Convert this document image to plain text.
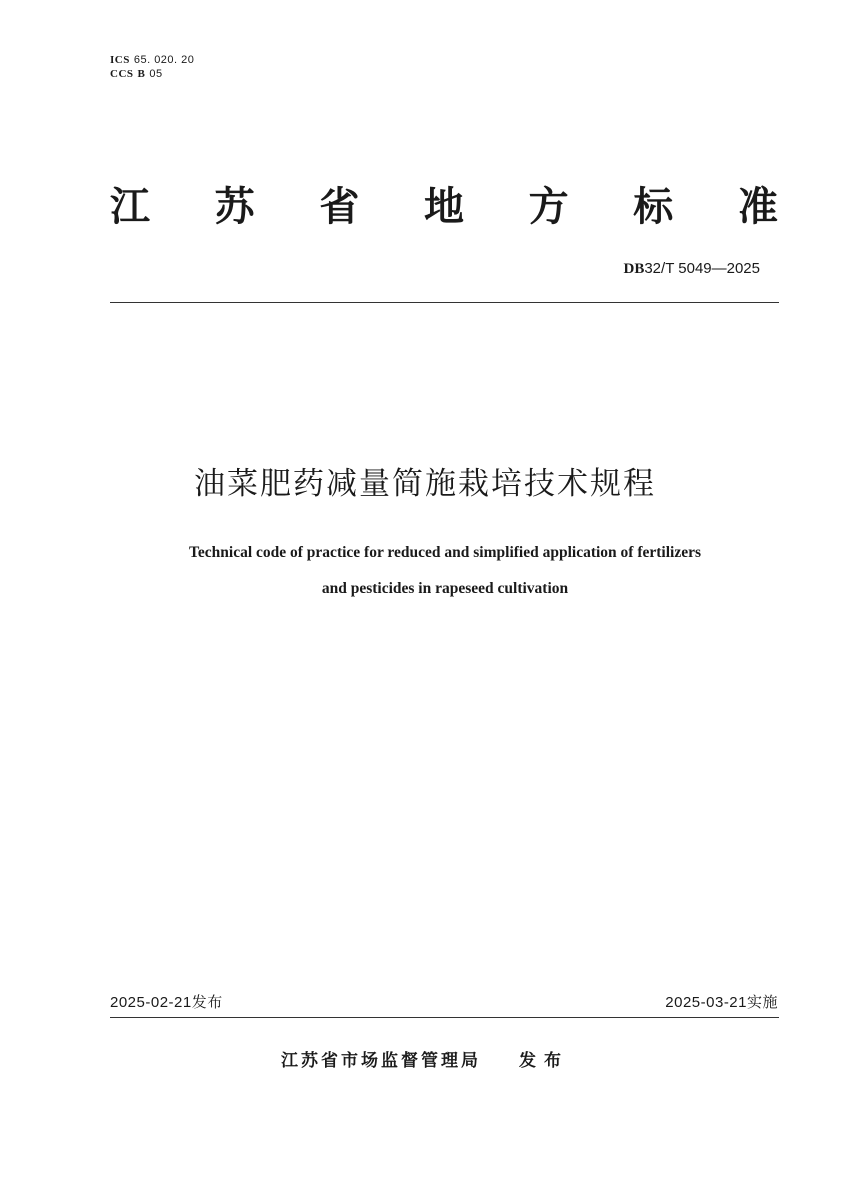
ICS 65. 020. 20
CCS B 05
江 苏 省 地 方 标 准
DB32/T 5049—2025
油菜肥药减量简施栽培技术规程
Technical code of practice for reduced and simplified application of fertilizers
and pesticides in rapeseed cultivation
2025-02-21发布	2025-03-21实施
江苏省市场监督管理局 发布
